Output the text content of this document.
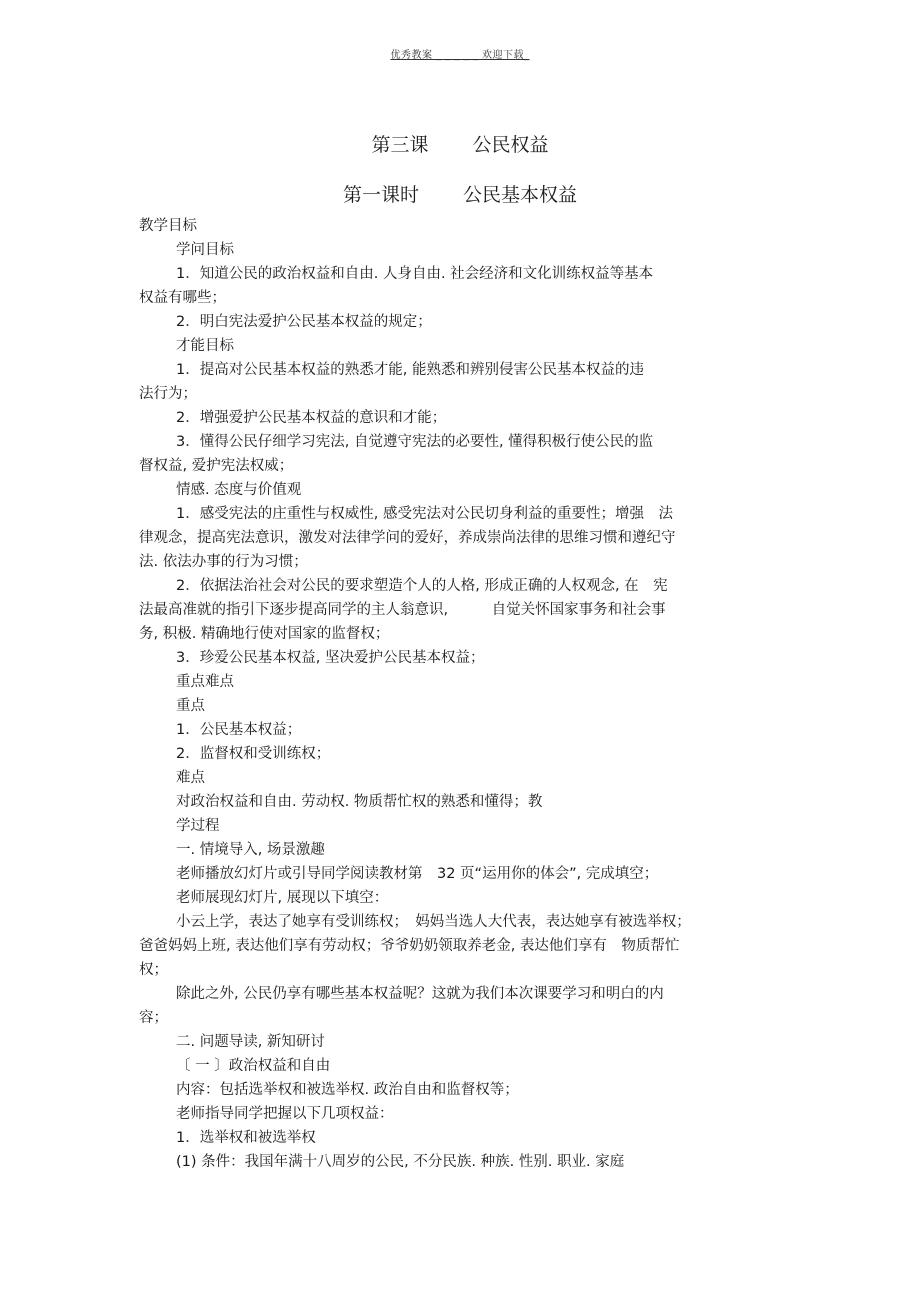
优秀教案 _ _ _ _ _ 欢迎下载_
第三课 公民权益
第一课时 公民基本权益

教学目标

学问目标

1．知道公民的政治权益和自由. 人身自由. 社会经济和文化训练权益等基本

权益有哪些；

2．明白宪法爱护公民基本权益的规定；

才能目标

1．提高对公民基本权益的熟悉才能, 能熟悉和辨别侵害公民基本权益的违

法行为；

2．增强爱护公民基本权益的意识和才能；

3．懂得公民仔细学习宪法, 自觉遵守宪法的必要性, 懂得积极行使公民的监

督权益, 爱护宪法权威；

情感. 态度与价值观

1．感受宪法的庄重性与权威性, 感受宪法对公民切身利益的重要性；增强　法

律观念，提高宪法意识，激发对法律学问的爱好，养成崇尚法律的思维习惯和遵纪守

法. 依法办事的行为习惯；

2．依据法治社会对公民的要求塑造个人的人格, 形成正确的人权观念, 在　宪

法最高准就的指引下逐步提高同学的主人翁意识,　　　自觉关怀国家事务和社会事

务, 积极. 精确地行使对国家的监督权；

3．珍爱公民基本权益, 坚决爱护公民基本权益；

重点难点

重点

1．公民基本权益；

2．监督权和受训练权；

难点

对政治权益和自由. 劳动权. 物质帮忙权的熟悉和懂得；教

学过程

一. 情境导入, 场景激趣

老师播放幻灯片或引导同学阅读教材第　32 页“运用你的体会”, 完成填空；

老师展现幻灯片, 展现以下填空：

小云上学，表达了她享有受训练权；　妈妈当选人大代表，表达她享有被选举权；

爸爸妈妈上班, 表达他们享有劳动权；爷爷奶奶领取养老金, 表达他们享有　物质帮忙

权；

除此之外, 公民仍享有哪些基本权益呢？这就为我们本次课要学习和明白的内

容；

二. 问题导读, 新知研讨

〔 一 〕政治权益和自由

内容：包括选举权和被选举权. 政治自由和监督权等；

老师指导同学把握以下几项权益：

1．选举权和被选举权

(1) 条件：我国年满十八周岁的公民, 不分民族. 种族. 性别. 职业. 家庭
